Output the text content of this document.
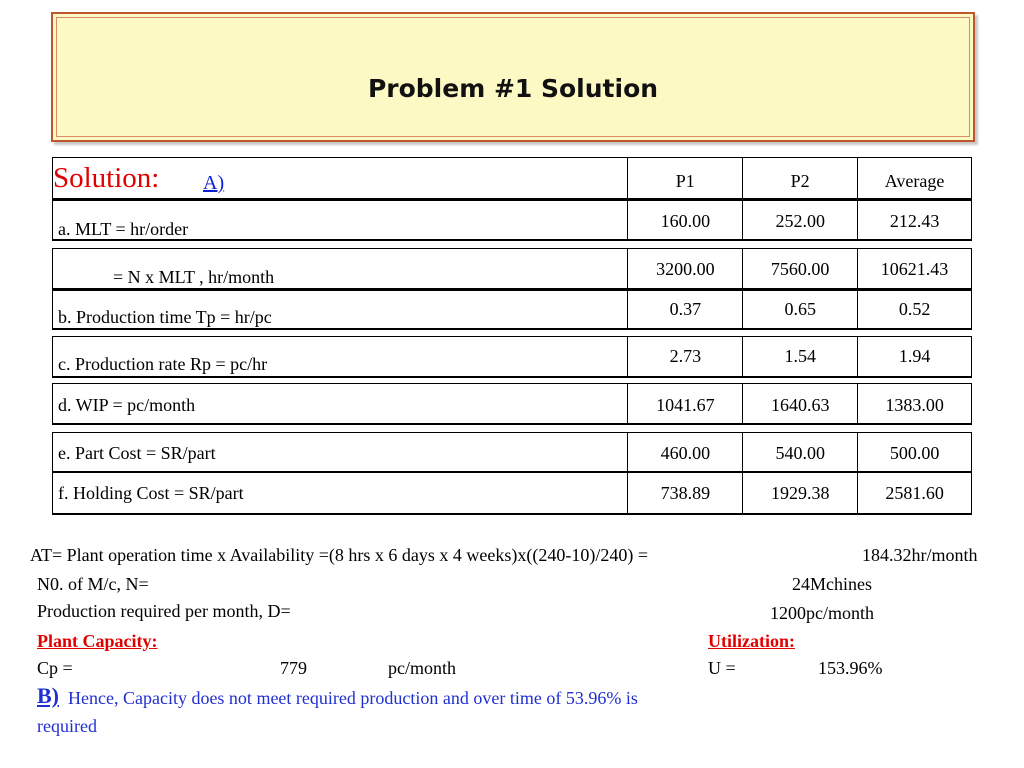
Problem #1 Solution
Solution: A)	P1	P2	Average
a. MLT = hr/order	160.00	252.00	212.43
= N x MLT , hr/month	3200.00	7560.00	10621.43
b. Production time Tp = hr/pc	0.37	0.65	0.52
c. Production rate Rp = pc/hr	2.73	1.54	1.94
d. WIP = pc/month	1041.67	1640.63	1383.00
e. Part Cost = SR/part	460.00	540.00	500.00
f. Holding Cost = SR/part	738.89	1929.38	2581.60
AT= Plant operation time x Availability =(8 hrs x 6 days x 4 weeks)x((240-10)/240) =	184.32hr/month
N0. of M/c, N=	24Mchines
Production required per month, D=	1200pc/month
Plant Capacity:	Utilization:
Cp =	779	pc/month	U =	153.96%
B) Hence, Capacity does not meet required production and over time of 53.96% is
required
